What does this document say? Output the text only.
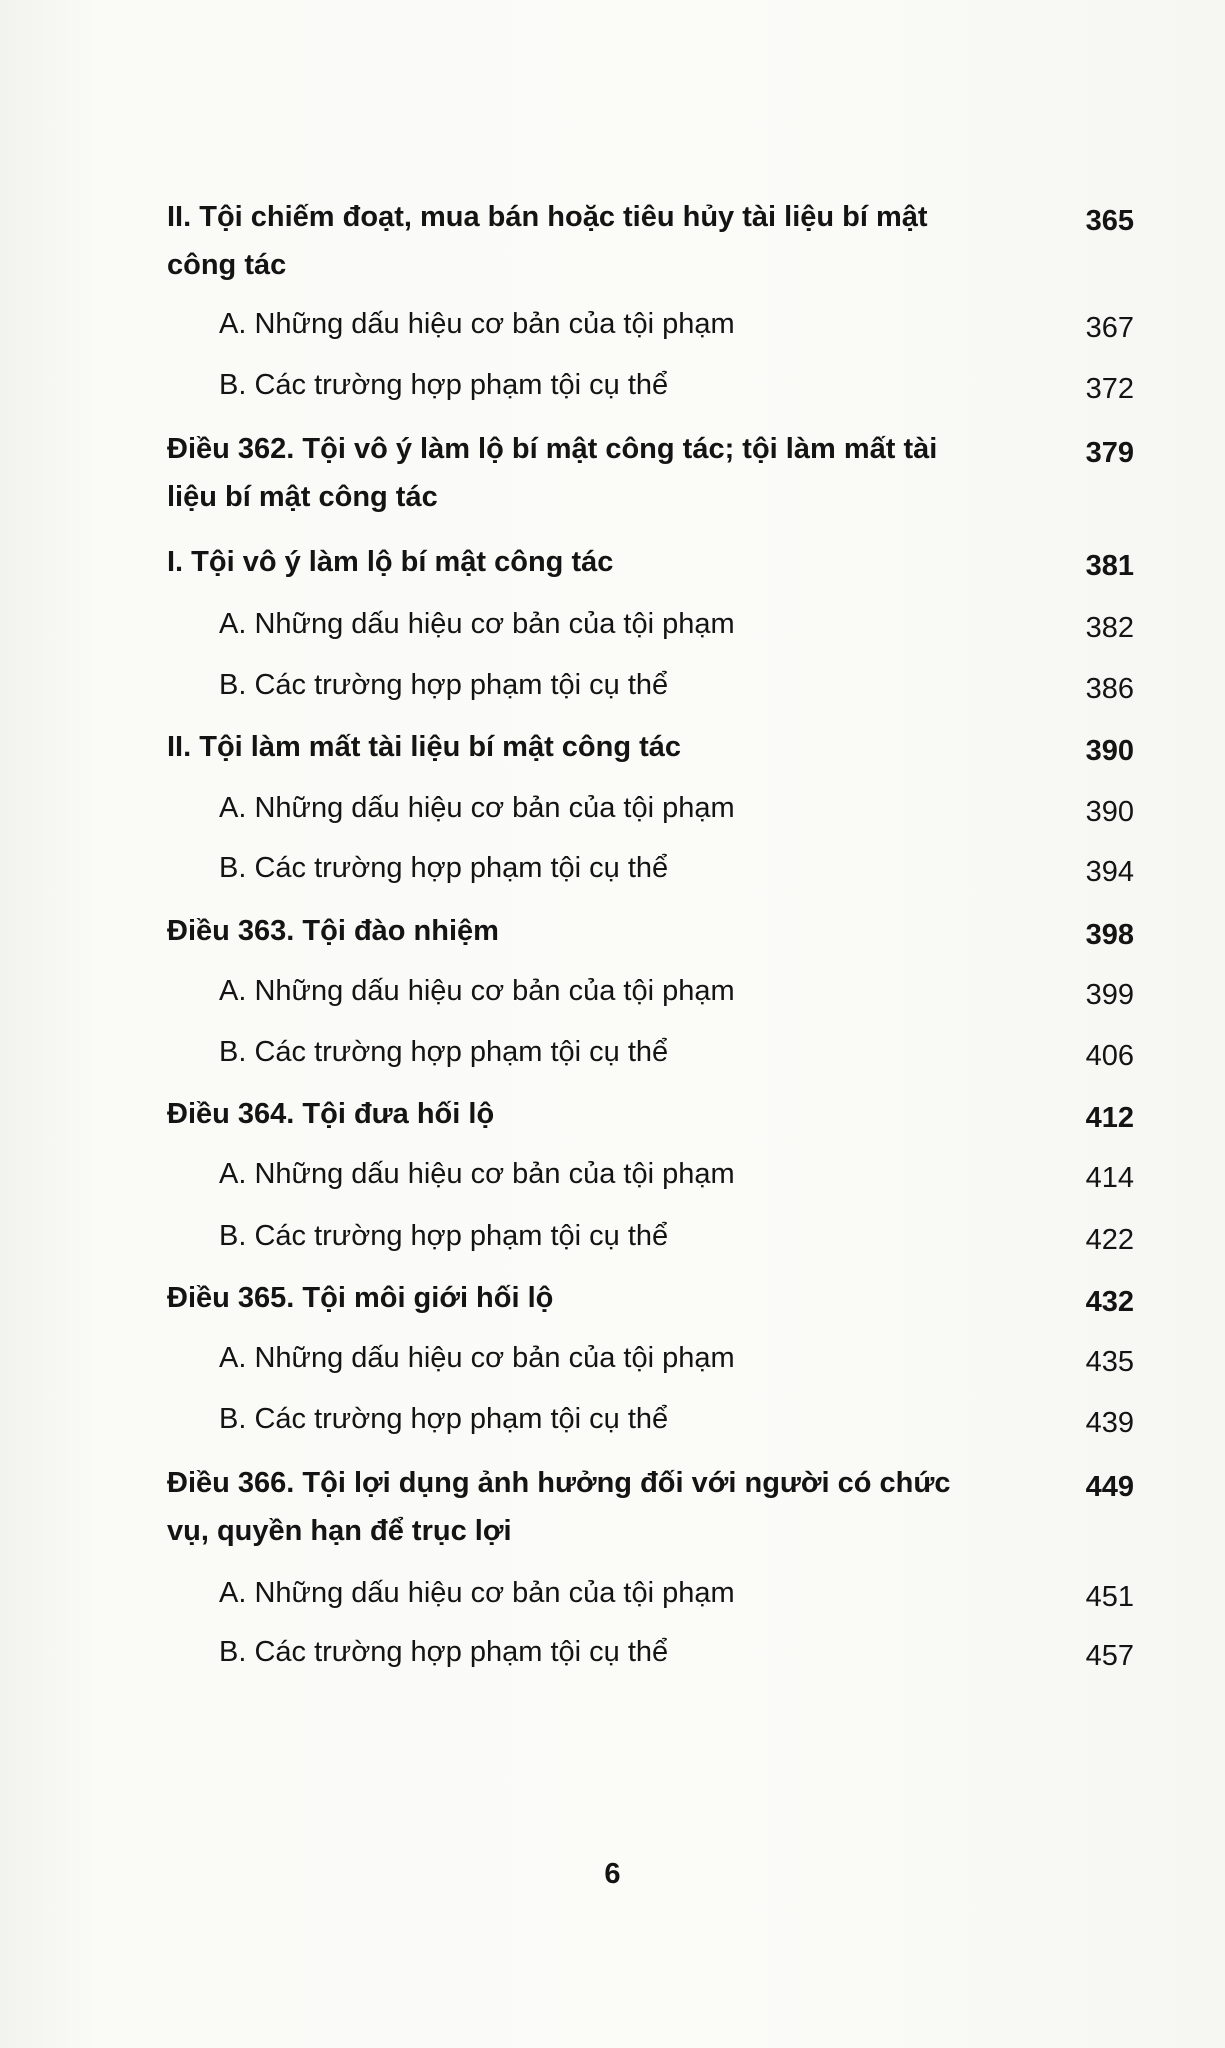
II. Tội chiếm đoạt, mua bán hoặc tiêu hủy tài liệu bí mật
công tác
365
A. Những dấu hiệu cơ bản của tội phạm	367
B. Các trường hợp phạm tội cụ thể	372
Điều 362. Tội vô ý làm lộ bí mật công tác; tội làm mất tài
liệu bí mật công tác
379
I. Tội vô ý làm lộ bí mật công tác	381
A. Những dấu hiệu cơ bản của tội phạm	382
B. Các trường hợp phạm tội cụ thể	386
II. Tội làm mất tài liệu bí mật công tác	390
A. Những dấu hiệu cơ bản của tội phạm	390
B. Các trường hợp phạm tội cụ thể	394
Điều 363. Tội đào nhiệm	398
A. Những dấu hiệu cơ bản của tội phạm	399
B. Các trường hợp phạm tội cụ thể	406
Điều 364. Tội đưa hối lộ	412
A. Những dấu hiệu cơ bản của tội phạm	414
B. Các trường hợp phạm tội cụ thể	422
Điều 365. Tội môi giới hối lộ	432
A. Những dấu hiệu cơ bản của tội phạm	435
B. Các trường hợp phạm tội cụ thể	439
Điều 366. Tội lợi dụng ảnh hưởng đối với người có chức
vụ, quyền hạn để trục lợi
449
A. Những dấu hiệu cơ bản của tội phạm	451
B. Các trường hợp phạm tội cụ thể	457
6
